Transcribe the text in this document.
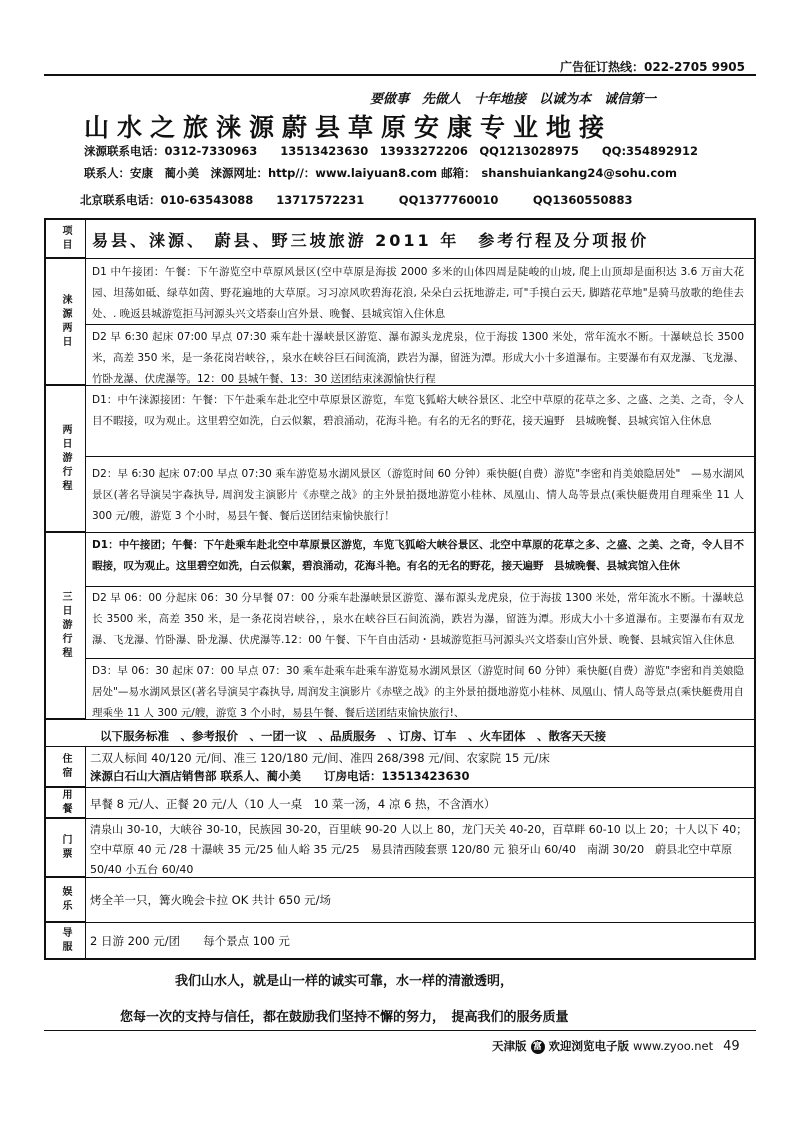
广告征订热线：022-2705 9905
要做事　先做人　十年地接　以诚为本　诚信第一
山水之旅涞源蔚县草原安康专业地接
涞源联系电话：0312-7330963　　13513423630　13933272206　QQ1213028975　　QQ:354892912
联系人：安康　蔺小美　涞源网址：http//：www.laiyuan8.com 邮箱：　shanshuiankang24@sohu.com
北京联系电话：010-63543088　　13717572231　　　QQ1377760010　　　QQ1360550883
项目 易县、涞源、 蔚县、野三坡旅游 2011 年　参考行程及分项报价
涞源两日
D1 中午接团：午餐：下午游览空中草原风景区(空中草原是海拔 2000 多米的山体四周是陡峻的山坡, 爬上山顶却是面积达 3.6 万亩大花园、坦荡如砥、绿草如茵、野花遍地的大草原。习习凉风吹碧海花浪, 朵朵白云抚地游走, 可"手摸白云天, 脚踏花草地"是骑马放歌的绝佳去处、. 晚返县城游览拒马河源头兴文塔泰山宫外景、晚餐、县城宾馆入住休息
D2 早 6:30 起床 07:00 早点 07:30 乘车赴十瀑峡景区游览、瀑布源头龙虎泉，位于海拔 1300 米处，常年流水不断。十瀑峡总长 3500 米，高差 350 米，是一条花岗岩峡谷，，泉水在峡谷巨石间流淌，跌岩为瀑，留涟为潭。形成大小十多道瀑布。主要瀑布有双龙瀑、飞龙瀑、竹卧龙瀑、伏虎瀑等。12：00 县城午餐、13：30 送团结束涞源愉快行程
两日游行程
D1：中午涞源接团：午餐：下午赴乘车赴北空中草原景区游览，车览飞狐峪大峡谷景区、北空中草原的花草之多、之盛、之美、之奇，令人目不暇接，叹为观止。这里碧空如洗，白云似絮，碧浪涌动，花海斗艳。有名的无名的野花，接天遍野　县城晚餐、县城宾馆入住休息
D2：早 6:30 起床 07:00 早点 07:30 乘车游览易水湖风景区（游览时间 60 分钟）乘快艇(自费）游览"李密和肖美娘隐居处"　—易水湖风景区(著名导演吴宇森执导, 周润发主演影片《赤壁之战》的主外景拍摄地游览小桂林、凤凰山、情人岛等景点(乘快艇费用自理乘坐 11 人 300 元/艘，游览 3 个小时，易县午餐、餐后送团结束愉快旅行！
三日游行程
D1：中午接团；午餐：下午赴乘车赴北空中草原景区游览，车览飞狐峪大峡谷景区、北空中草原的花草之多、之盛、之美、之奇，令人目不暇接，叹为观止。这里碧空如洗，白云似絮，碧浪涌动，花海斗艳。有名的无名的野花，接天遍野　县城晚餐、县城宾馆入住休
D2 早 06：00 分起床 06：30 分早餐 07：00 分乘车赴瀑峡景区游览、瀑布源头龙虎泉，位于海拔 1300 米处，常年流水不断。十瀑峡总长 3500 米，高差 350 米，是一条花岗岩峡谷，，泉水在峡谷巨石间流淌，跌岩为瀑，留涟为潭。形成大小十多道瀑布。主要瀑布有双龙瀑、飞龙瀑、竹卧瀑、卧龙瀑、伏虎瀑等.12：00 午餐、下午自由活动・县城游览拒马河源头兴文塔泰山宫外景、晚餐、县城宾馆入住休息
D3：早 06：30 起床 07：00 早点 07：30 乘车赴乘车赴乘车游览易水湖风景区（游览时间 60 分钟）乘快艇(自费）游览"李密和肖美娘隐居处"—易水湖风景区(著名导演吴宇森执导, 周润发主演影片《赤壁之战》的主外景拍摄地游览小桂林、凤凰山、情人岛等景点(乘快艇费用自理乘坐 11 人 300 元/艘，游览 3 个小时，易县午餐、餐后送团结束愉快旅行!、
以下服务标准　、参考报价　、一团一议　、品质服务　、订房、订车　、火车团体　、散客天天接
住宿 二双人标间 40/120 元/间、准三 120/180 元/间、准四 268/398 元/间、农家院 15 元/床
涞源白石山大酒店销售部 联系人、蔺小美　　订房电话：13513423630
用餐 早餐 8 元/人、正餐 20 元/人（10 人一桌　10 菜一汤，4 凉 6 热，不含酒水）
门票
清泉山 30-10，大峡谷 30-10，民族园 30-20，百里峡 90-20 人以上 80，龙门天关 40-20，百草畔 60-10 以上 20；十人以下 40；　空中草原 40 元 /28 十瀑峡 35 元/25 仙人峪 35 元/25　易县清西陵套票 120/80 元 狼牙山 60/40　南湖 30/20　蔚县北空中草原 50/40 小五台 60/40
娱乐 烤全羊一只，篝火晚会卡拉 OK 共计 650 元/场
导服 2 日游 200 元/团　　每个景点 100 元
我们山水人，就是山一样的诚实可靠，水一样的清澈透明，
您每一次的支持与信任，都在鼓励我们坚持不懈的努力，　提高我们的服务质量
天津版 富 欢迎浏览电子版 www.zyoo.net 49
